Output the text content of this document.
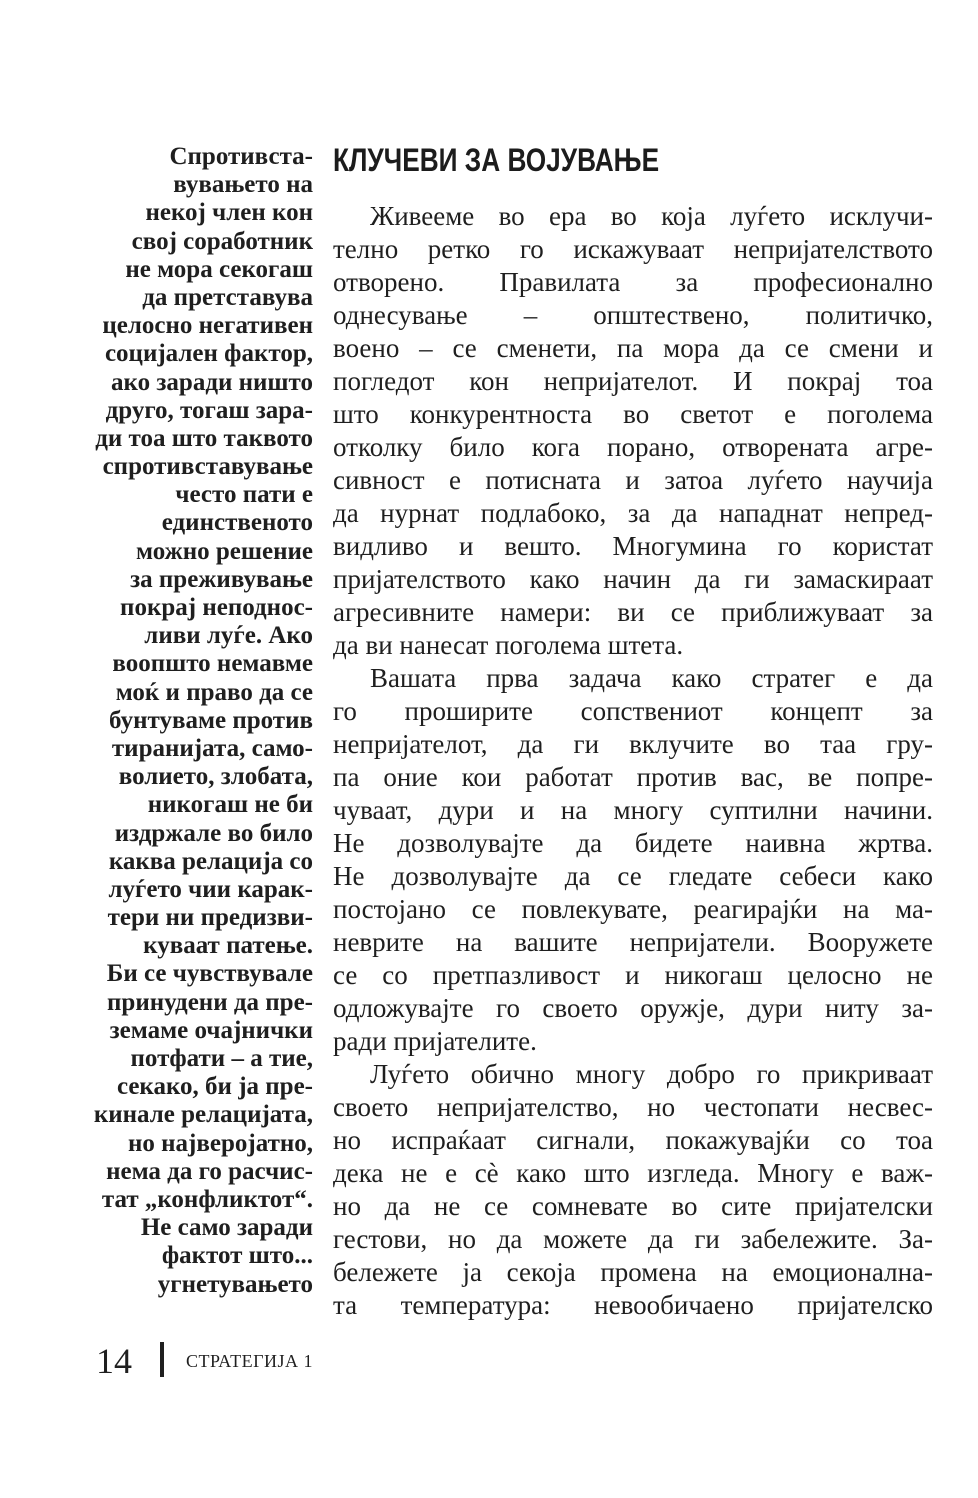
Спротивста-
вувањето на
некој член кон
свој соработник
не мора секогаш
да претставува
целосно негативен
социјален фактор,
ако заради ништо
друго, тогаш зара-
ди тоа што таквото
спротивставување
често пати е
единственото
можно решение
за преживување
покрај неподнос-
ливи луѓе. Ако
воопшто немавме
моќ и право да се
бунтуваме против
тиранијата, само-
волието, злобата,
никогаш не би
издржале во било
каква релација со
луѓето чии карак-
тери ни предизви-
куваат патење.
Би се чувствувале
принудени да пре-
земаме очајнички
потфати – а тие,
секако, би ја пре-
кинале релацијата,
но најверојатно,
нема да го расчис-
тат „конфликтот“.
Не само заради
фактот што...
угнетувањето
КЛУЧЕВИ ЗА ВОЈУВАЊЕ
Живееме во ера во која луѓето исклучи-
телно ретко го искажуваат непријателството
отворено. Правилата за професионално
однесување – општествено, политичко,
воено – се сменети, па мора да се смени и
погледот кон непријателот. И покрај тоа
што конкурентноста во светот е поголема
отколку било кога порано, отворената агре-
сивност е потисната и затоа луѓето научија
да нурнат подлабоко, за да нападнат непред-
видливо и вешто. Многумина го користат
пријателството како начин да ги замаскираат
агресивните намери: ви се приближуваат за
да ви нанесат поголема штета.
Вашата прва задача како стратег е да
го проширите сопствениот концепт за
непријателот, да ги вклучите во таа гру-
па оние кои работат против вас, ве попре-
чуваат, дури и на многу суптилни начини.
Не дозволувајте да бидете наивна жртва.
Не дозволувајте да се гледате себеси како
постојано се повлекувате, реагирајќи на ма-
неврите на вашите непријатели. Вооружете
се со претпазливост и никогаш целосно не
одложувајте го своето оружје, дури ниту за-
ради пријателите.
Луѓето обично многу добро го прикриваат
своето непријателство, но честопати несвес-
но испраќаат сигнали, покажувајќи со тоа
дека не е сѐ како што изгледа. Многу е важ-
но да не се сомневате во сите пријателски
гестови, но да можете да ги забележите. За-
бележете ја секоја промена на емоционална-
та температура: невообичаено пријателско
14	СТРАТЕГИЈА 1
